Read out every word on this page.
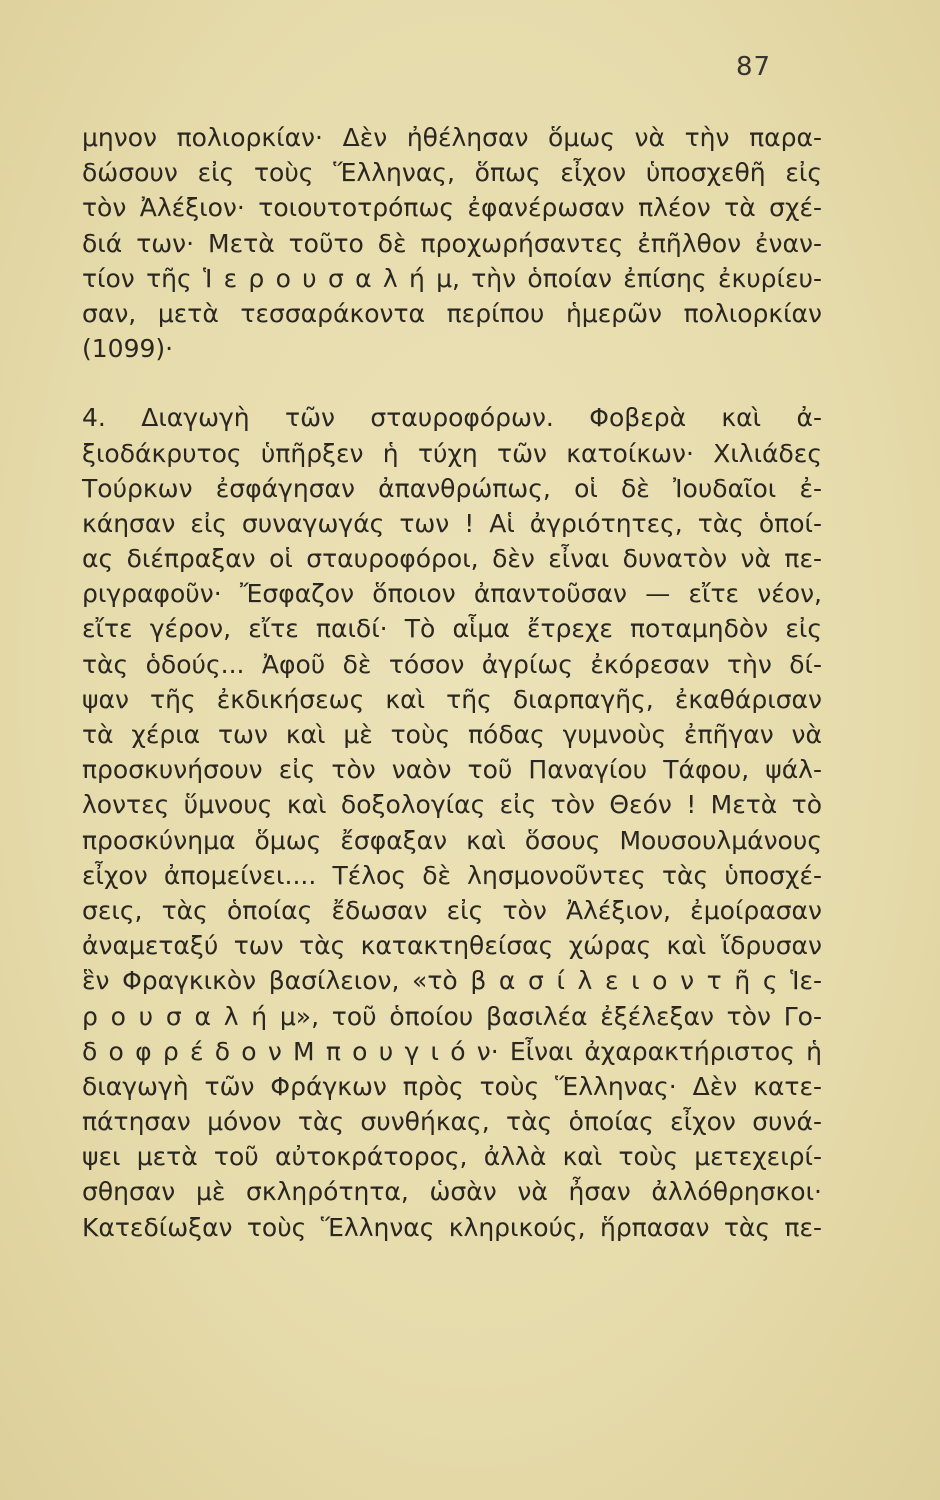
87
μηνον πολιορκίαν· Δὲν ἠθέλησαν ὅμως νὰ τὴν παρα-
δώσουν εἰς τοὺς Ἕλληνας, ὅπως εἶχον ὑποσχεθῆ εἰς
τὸν Ἀλέξιον· τοιουτοτρόπως ἐφανέρωσαν πλέον τὰ σχέ-
διά των· Μετὰ τοῦτο δὲ προχωρήσαντες ἐπῆλθον ἐναν-
τίον τῆς Ἱ ε ρ ο υ σ α λ ή μ, τὴν ὁποίαν ἐπίσης ἐκυρίευ-
σαν, μετὰ τεσσαράκοντα περίπου ἡμερῶν πολιορκίαν
(1099)·
4. Διαγωγὴ τῶν σταυροφόρων. Φοβερὰ καὶ ἀ-
ξιοδάκρυτος ὑπῆρξεν ἡ τύχη τῶν κατοίκων· Χιλιάδες
Τούρκων ἐσφάγησαν ἀπανθρώπως, οἱ δὲ Ἰουδαῖοι ἐ-
κάησαν εἰς συναγωγάς των ! Αἱ ἀγριότητες, τὰς ὁποί-
ας διέπραξαν οἱ σταυροφόροι, δὲν εἶναι δυνατὸν νὰ πε-
ριγραφοῦν· Ἔσφαζον ὅποιον ἀπαντοῦσαν — εἴτε νέον,
εἴτε γέρον, εἴτε παιδί· Τὸ αἷμα ἔτρεχε ποταμηδὸν εἰς
τὰς ὁδούς... Ἀφοῦ δὲ τόσον ἀγρίως ἐκόρεσαν τὴν δί-
ψαν τῆς ἐκδικήσεως καὶ τῆς διαρπαγῆς, ἐκαθάρισαν
τὰ χέρια των καὶ μὲ τοὺς πόδας γυμνοὺς ἐπῆγαν νὰ
προσκυνήσουν εἰς τὸν ναὸν τοῦ Παναγίου Τάφου, ψάλ-
λοντες ὕμνους καὶ δοξολογίας εἰς τὸν Θεόν ! Μετὰ τὸ
προσκύνημα ὅμως ἔσφαξαν καὶ ὅσους Μουσουλμάνους
εἶχον ἀπομείνει.... Τέλος δὲ λησμονοῦντες τὰς ὑποσχέ-
σεις, τὰς ὁποίας ἔδωσαν εἰς τὸν Ἀλέξιον, ἐμοίρασαν
ἀναμεταξύ των τὰς κατακτηθείσας χώρας καὶ ἵδρυσαν
ἓν Φραγκικὸν βασίλειον, «τὸ β α σ ί λ ε ι ο ν τ ῆ ς Ἱε-
ρ ο υ σ α λ ή μ», τοῦ ὁποίου βασιλέα ἐξέλεξαν τὸν Γο-
δ ο φ ρ έ δ ο ν Μ π ο υ γ ι ό ν· Εἶναι ἀχαρακτήριστος ἡ
διαγωγὴ τῶν Φράγκων πρὸς τοὺς Ἕλληνας· Δὲν κατε-
πάτησαν μόνον τὰς συνθήκας, τὰς ὁποίας εἶχον συνά-
ψει μετὰ τοῦ αὐτοκράτορος, ἀλλὰ καὶ τοὺς μετεχειρί-
σθησαν μὲ σκληρότητα, ὡσὰν νὰ ἦσαν ἀλλόθρησκοι·
Κατεδίωξαν τοὺς Ἕλληνας κληρικούς, ἥρπασαν τὰς πε-
